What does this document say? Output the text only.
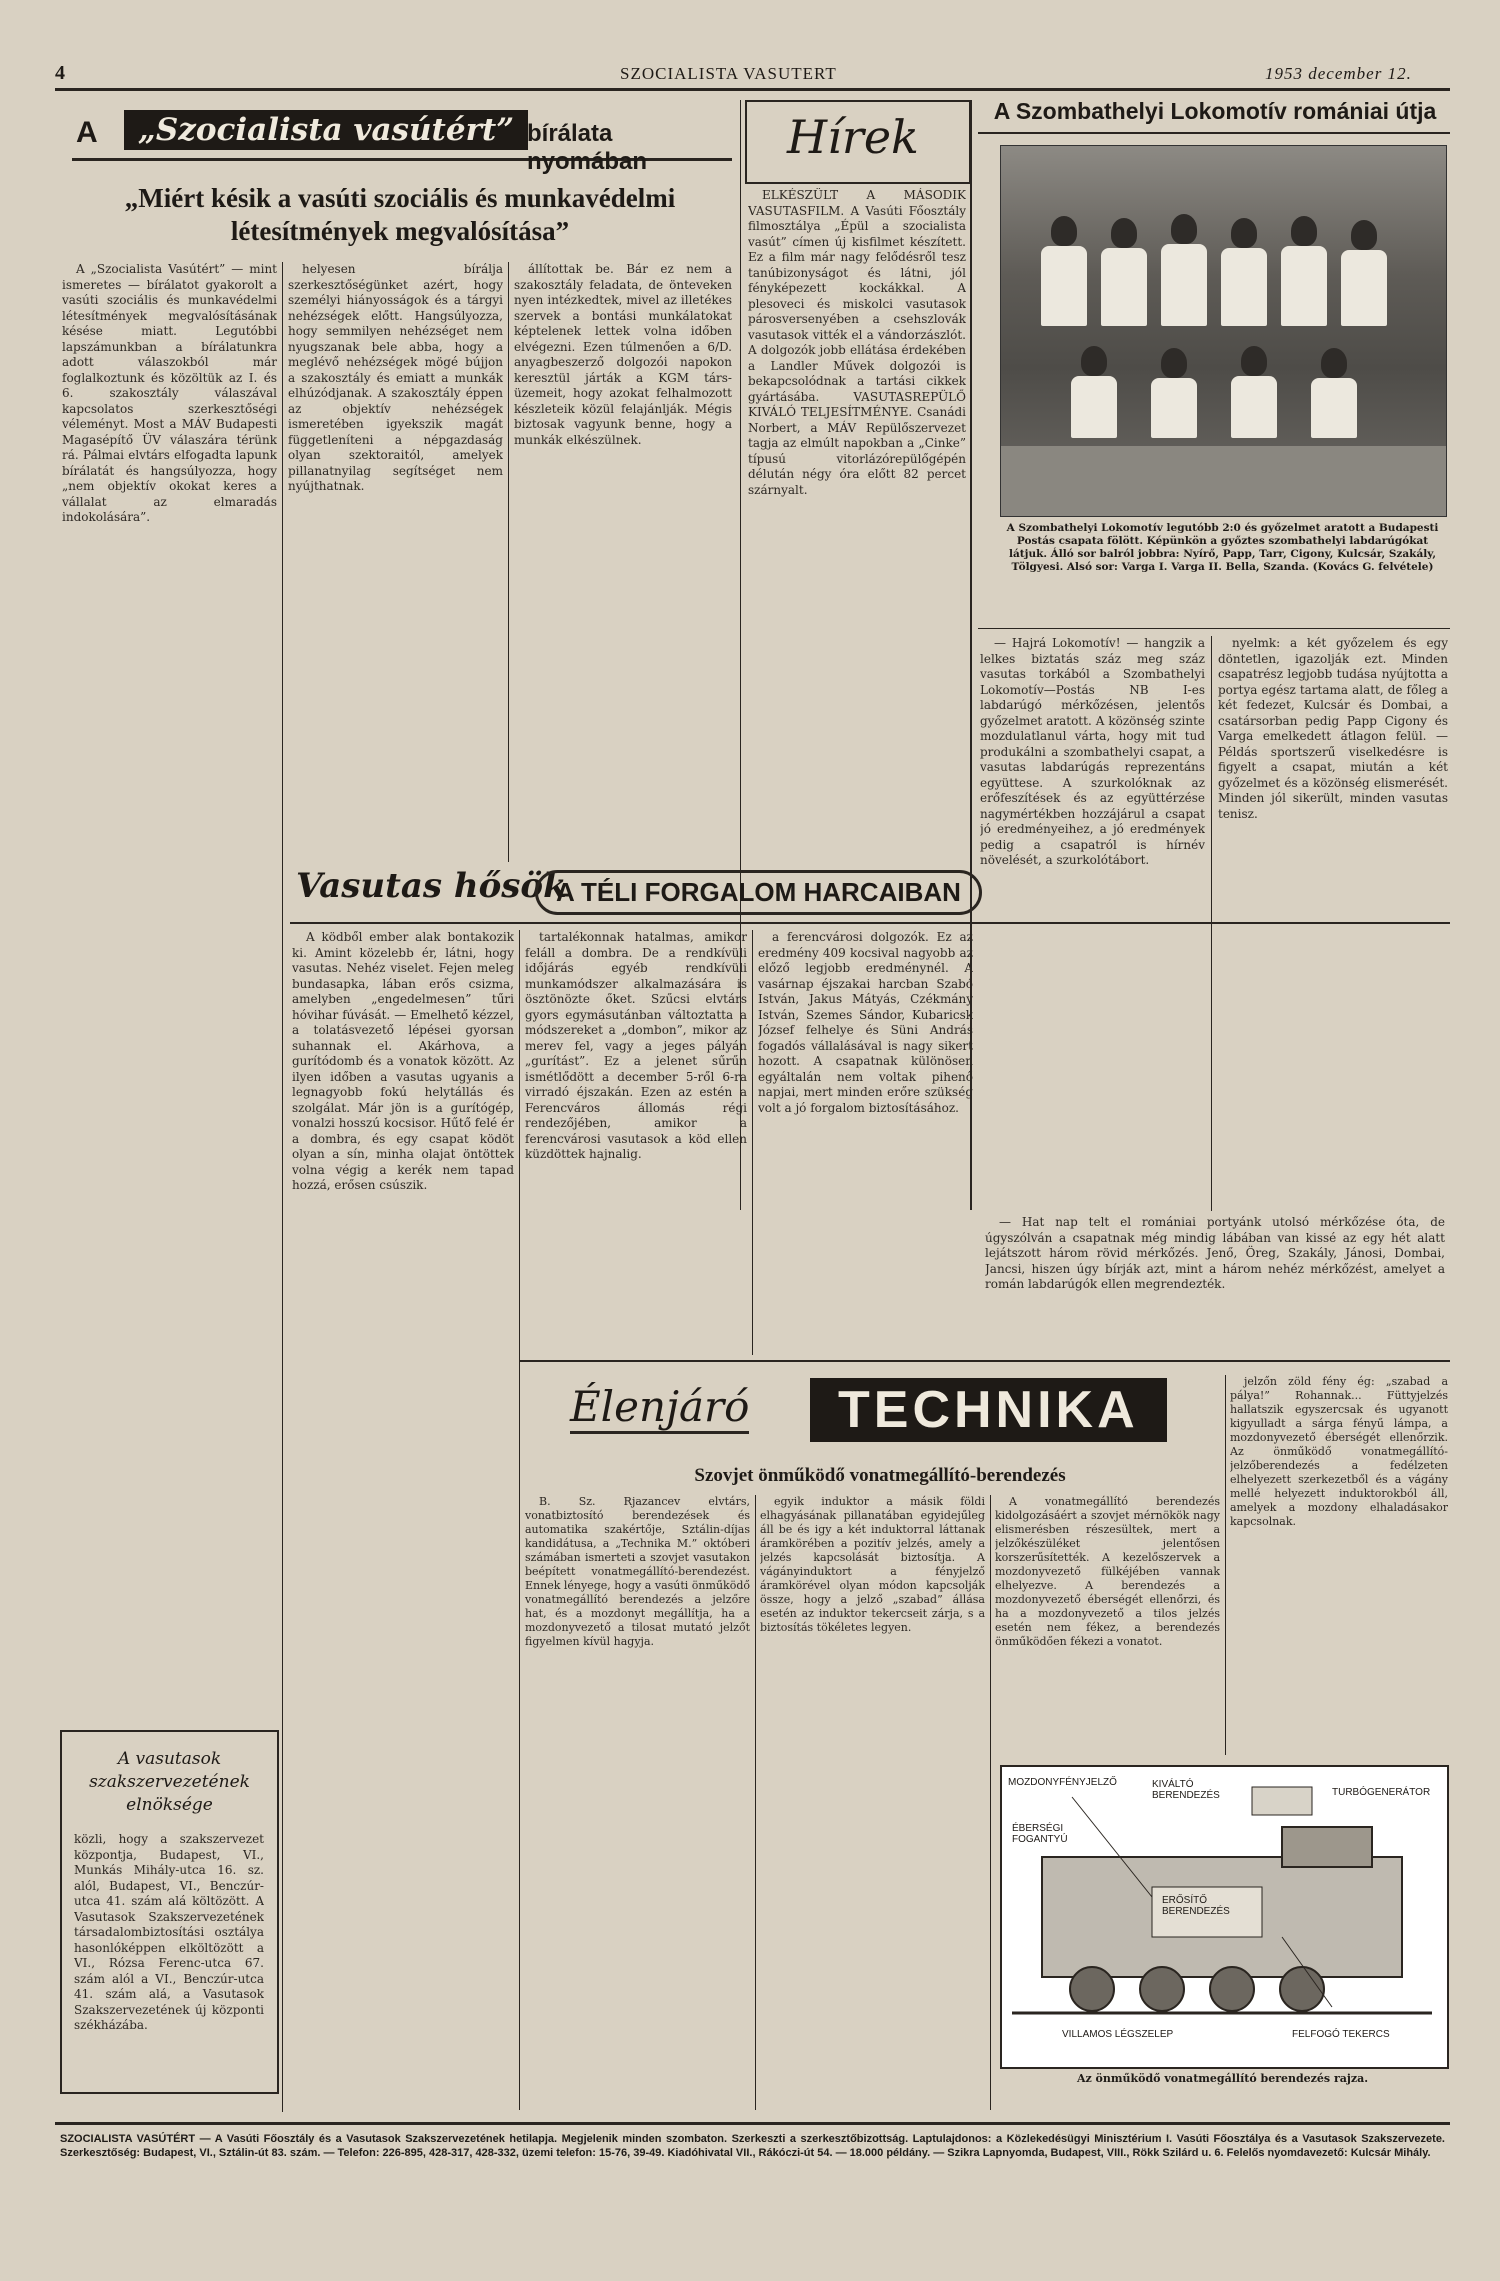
4	SZOCIALISTA VASUTERT	1953 december 12.
A	„Szocialista vasútért” bírálata nyomában
„Miért késik a vasúti szociális és munkavédelmi létesítmények megvalósítása”

A „Szocialista Vasútért” — mint ismeretes — bírálatot gyakorolt a vasúti szociális és munkavédelmi létesítmények megvalósításának késése miatt. Legutóbbi lapszámunkban a bírálatunkra adott válaszokból már foglalkoztunk és közöltük az I. és 6. szakosztály válaszával kapcsolatos szerkesztőségi véleményt. Most a MÁV Budapesti Magasépítő ÜV válaszára térünk rá. Pálmai elvtárs elfogadta lapunk bírálatát és hangsúlyozza, hogy „nem objektív okokat keres a vállalat az elmaradás indokolására”.

helyesen bírálja szerkesztőségünket azért, hogy személyi hiányosságok és a tárgyi nehézségek előtt. Hangsúlyozza, hogy semmilyen nehézséget nem nyugszanak bele abba, hogy a meglévő nehézségek mögé bújjon a szakosztály és emiatt a munkák elhúzódjanak. A szakosztály éppen az objektív nehézségek ismeretében igyekszik magát függetleníteni a népgazdaság olyan szektoraitól, amelyek pillanatnyilag segítséget nem nyújthatnak.

állítottak be. Bár ez nem a szakosztály feladata, de önteveken nyen intézkedtek, mivel az illetékes szervek a bontási munkálatokat képtelenek lettek volna időben elvégezni. Ezen túlmenően a 6/D. anyagbeszerző dolgozói napokon keresztül járták a KGM társ-üzemeit, hogy azokat felhalmozott készleteik közül felajánlják. Mégis biztosak vagyunk benne, hogy a munkák elkészülnek.

Hírek

ELKÉSZÜLT A MÁSODIK VASUTASFILM. A Vasúti Főosztály filmosztálya „Épül a szocialista vasút” címen új kisfilmet készített. Ez a film már nagy felődésről tesz tanúbizonyságot és látni, jól fényképezett kockákkal. A plesoveci és miskolci vasutasok párosversenyében a csehszlovák vasutasok vitték el a vándorzászlót. A dolgozók jobb ellátása érdekében a Landler Művek dolgozói is bekapcsolódnak a tartási cikkek gyártásába. VASUTASREPÜLŐ KIVÁLÓ TELJESÍTMÉNYE. Csanádi Norbert, a MÁV Repülőszervezet tagja az elmúlt napokban a „Cinke” típusú vitorlázórepülőgépén délután négy óra előtt 82 percet szárnyalt.

A Szombathelyi Lokomotív romániai útja
A Szombathelyi Lokomotív legutóbb 2:0 és győzelmet aratott a Budapesti Postás csapata fölött. Képünkön a győztes szombathelyi labdarúgókat látjuk. Álló sor balról jobbra: Nyírő, Papp, Tarr, Cigony, Kulcsár, Szakály, Tölgyesi. Alsó sor: Varga I. Varga II. Bella, Szanda. (Kovács G. felvétele)

— Hajrá Lokomotív! — hangzik a lelkes biztatás száz meg száz vasutas torkából a Szombathelyi Lokomotív—Postás NB I-es labdarúgó mérkőzésen, jelentős győzelmet aratott. A közönség szinte mozdulatlanul várta, hogy mit tud produkálni a szombathelyi csapat, a vasutas labdarúgás reprezentáns együttese. A szurkolóknak az erőfeszítések és az együttérzése nagymértékben hozzájárul a csapat jó eredményeihez, a jó eredmények pedig a csapatról is hírnév növelését, a szurkolótábort.

nyelmk: a két győzelem és egy döntetlen, igazolják ezt. Minden csapatrész legjobb tudása nyújtotta a portya egész tartama alatt, de főleg a két fedezet, Kulcsár és Dombai, a csatársorban pedig Papp Cigony és Varga emelkedett átlagon felül. — Példás sportszerű viselkedésre is figyelt a csapat, miután a két győzelmet és a közönség elismerését. Minden jól sikerült, minden vasutas tenisz.

Vasutas hősök
A TÉLI FORGALOM HARCAIBAN

A ködből ember alak bontakozik ki. Amint közelebb ér, látni, hogy vasutas. Nehéz viselet. Fejen meleg bundasapka, lában erős csizma, amelyben „engedelmesen” tűri hóvihar fúvását. — Emelhető kézzel, a tolatásvezető lépései gyorsan suhannak el. Akárhova, a gurítódomb és a vonatok között. Az ilyen időben a vasutas ugyanis a legnagyobb fokú helytállás és szolgálat. Már jön is a gurítógép, vonalzi hosszú kocsisor. Hűtő felé ér a dombra, és egy csapat ködöt olyan a sín, minha olajat öntöttek volna végig a kerék nem tapad hozzá, erősen csúszik.

tartalékonnak hatalmas, amikor feláll a dombra. De a rendkívüli időjárás egyéb rendkívüli munkamódszer alkalmazására is ösztönözte őket. Szűcsi elvtárs gyors egymásutánban változtatta a módszereket a „dombon”, mikor az merev fel, vagy a jeges pályán „gurítást”. Ez a jelenet sűrűn ismétlődött a december 5-ről 6-ra virradó éjszakán. Ezen az estén a Ferencváros állomás régi rendezőjében, amikor a ferencvárosi vasutasok a köd ellen küzdöttek hajnalig.

a ferencvárosi dolgozók. Ez az eredmény 409 kocsival nagyobb az előző legjobb eredménynél. A vasárnap éjszakai harcban Szabó István, Jakus Mátyás, Czékmány István, Szemes Sándor, Kubaricsk József felhelye és Süni András fogadós vállalásával is nagy sikert hozott. A csapatnak különösen egyáltalán nem voltak pihenő napjai, mert minden erőre szükség volt a jó forgalom biztosításához.

— Hat nap telt el romániai portyánk utolsó mérkőzése óta, de úgyszólván a csapatnak még mindig lábában van kissé az egy hét alatt lejátszott három rövid mérkőzés. Jenő, Öreg, Szakály, Jánosi, Dombai, Jancsi, hiszen úgy bírják azt, mint a három nehéz mérkőzést, amelyet a román labdarúgók ellen megrendezték.

Élenjáró	TECHNIKA
Szovjet önműködő vonatmegállító-berendezés

B. Sz. Rjazancev elvtárs, vonatbiztosító berendezések és automatika szakértője, Sztálin-díjas kandidátusa, a „Technika M.” októberi számában ismerteti a szovjet vasutakon beépített vonatmegállító-berendezést. Ennek lényege, hogy a vasúti önműködő vonatmegállító berendezés a jelzőre hat, és a mozdonyt megállítja, ha a mozdonyvezető a tilosat mutató jelzőt figyelmen kívül hagyja.

egyik induktor a másik földi elhagyásának pillanatában egyidejűleg áll be és igy a két induktorral láttanak áramkörében a pozitív jelzés, amely a jelzés kapcsolását biztosítja. A vágányinduktort a fényjelző áramkörével olyan módon kapcsolják össze, hogy a jelző „szabad” állása esetén az induktor tekercseit zárja, s a biztosítás tökéletes legyen.

A vonatmegállító berendezés kidolgozásáért a szovjet mérnökök nagy elismerésben részesültek, mert a jelzőkészüléket jelentősen korszerűsítették. A kezelőszervek a mozdonyvezető fülkéjében vannak elhelyezve. A berendezés a mozdonyvezető éberségét ellenőrzi, és ha a mozdonyvezető a tilos jelzés esetén nem fékez, a berendezés önműködően fékezi a vonatot.

jelzőn zöld fény ég: „szabad a pálya!” Rohannak... Füttyjelzés hallatszik egyszercsak és ugyanott kigyulladt a sárga fényű lámpa, a mozdonyvezető éberségét ellenőrzik. Az önműködő vonatmegállító-jelzőberendezés a fedélzeten elhelyezett szerkezetből és a vágány mellé helyezett induktorokból áll, amelyek a mozdony elhaladásakor kapcsolnak.

MOZDONYFÉNYJELZŐ	KIVÁLTÓ BERENDEZÉS	TURBÓGENERÁTOR
ÉBERSÉGI FOGANTYÚ
ERŐSÍTŐ BERENDEZÉS
VILLAMOS LÉGSZELEP	FELFOGÓ TEKERCS
Az önműködő vonatmegállító berendezés rajza.
A vasutasok szakszervezetének elnöksége

közli, hogy a szakszervezet központja, Budapest, VI., Munkás Mihály-utca 16. sz. alól, Budapest, VI., Benczúr-utca 41. szám alá költözött. A Vasutasok Szakszervezetének társadalombiztosítási osztálya hasonlóképpen elköltözött a VI., Rózsa Ferenc-utca 67. szám alól a VI., Benczúr-utca 41. szám alá, a Vasutasok Szakszervezetének új központi székházába.

SZOCIALISTA VASÚTÉRT — A Vasúti Főosztály és a Vasutasok Szakszervezetének hetilapja. Megjelenik minden szombaton. Szerkeszti a szerkesztőbizottság. Laptulajdonos: a Közlekedésügyi Minisztérium I. Vasúti Főosztálya és a Vasutasok Szakszervezete. Szerkesztőség: Budapest, VI., Sztálin-út 83. szám. — Telefon: 226-895, 428-317, 428-332, üzemi telefon: 15-76, 39-49. Kiadóhivatal VII., Rákóczi-út 54. — 18.000 példány. — Szikra Lapnyomda, Budapest, VIII., Rökk Szilárd u. 6. Felelős nyomdavezető: Kulcsár Mihály.
